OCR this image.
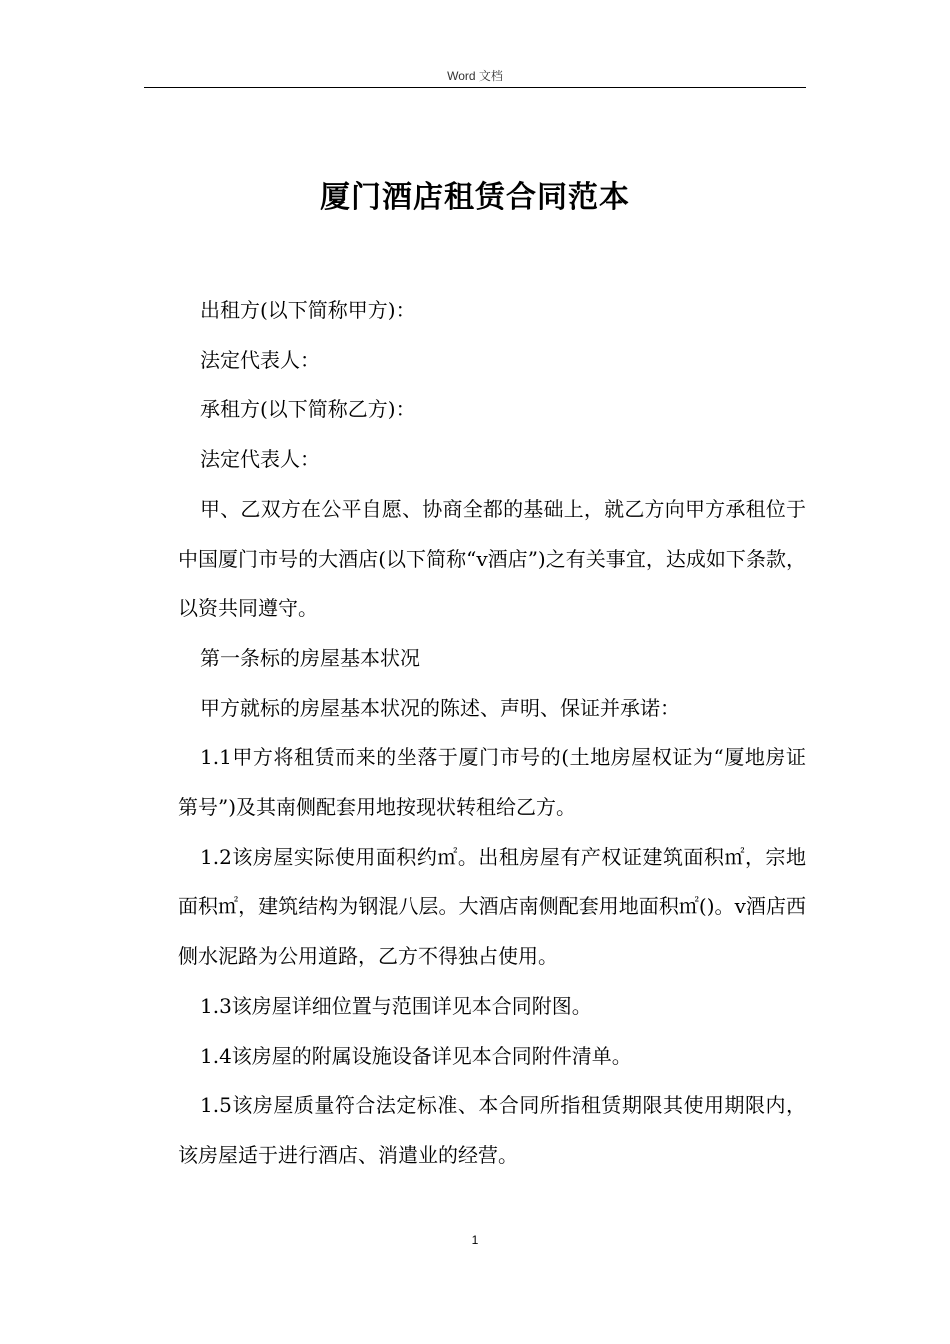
Word 文档
厦门酒店租赁合同范本

出租方(以下简称甲方)：

法定代表人：

承租方(以下简称乙方)：

法定代表人：

甲、乙双方在公平自愿、协商全都的基础上，就乙方向甲方承租位于中国厦门市号的大酒店(以下简称“v酒店”)之有关事宜，达成如下条款，以资共同遵守。

第一条标的房屋基本状况

甲方就标的房屋基本状况的陈述、声明、保证并承诺：

1.1甲方将租赁而来的坐落于厦门市号的(土地房屋权证为“厦地房证第号”)及其南侧配套用地按现状转租给乙方。

1.2该房屋实际使用面积约㎡。出租房屋有产权证建筑面积㎡，宗地面积㎡，建筑结构为钢混八层。大酒店南侧配套用地面积㎡()。v酒店西侧水泥路为公用道路，乙方不得独占使用。

1.3该房屋详细位置与范围详见本合同附图。

1.4该房屋的附属设施设备详见本合同附件清单。

1.5该房屋质量符合法定标准、本合同所指租赁期限其使用期限内，该房屋适于进行酒店、消遣业的经营。

1
